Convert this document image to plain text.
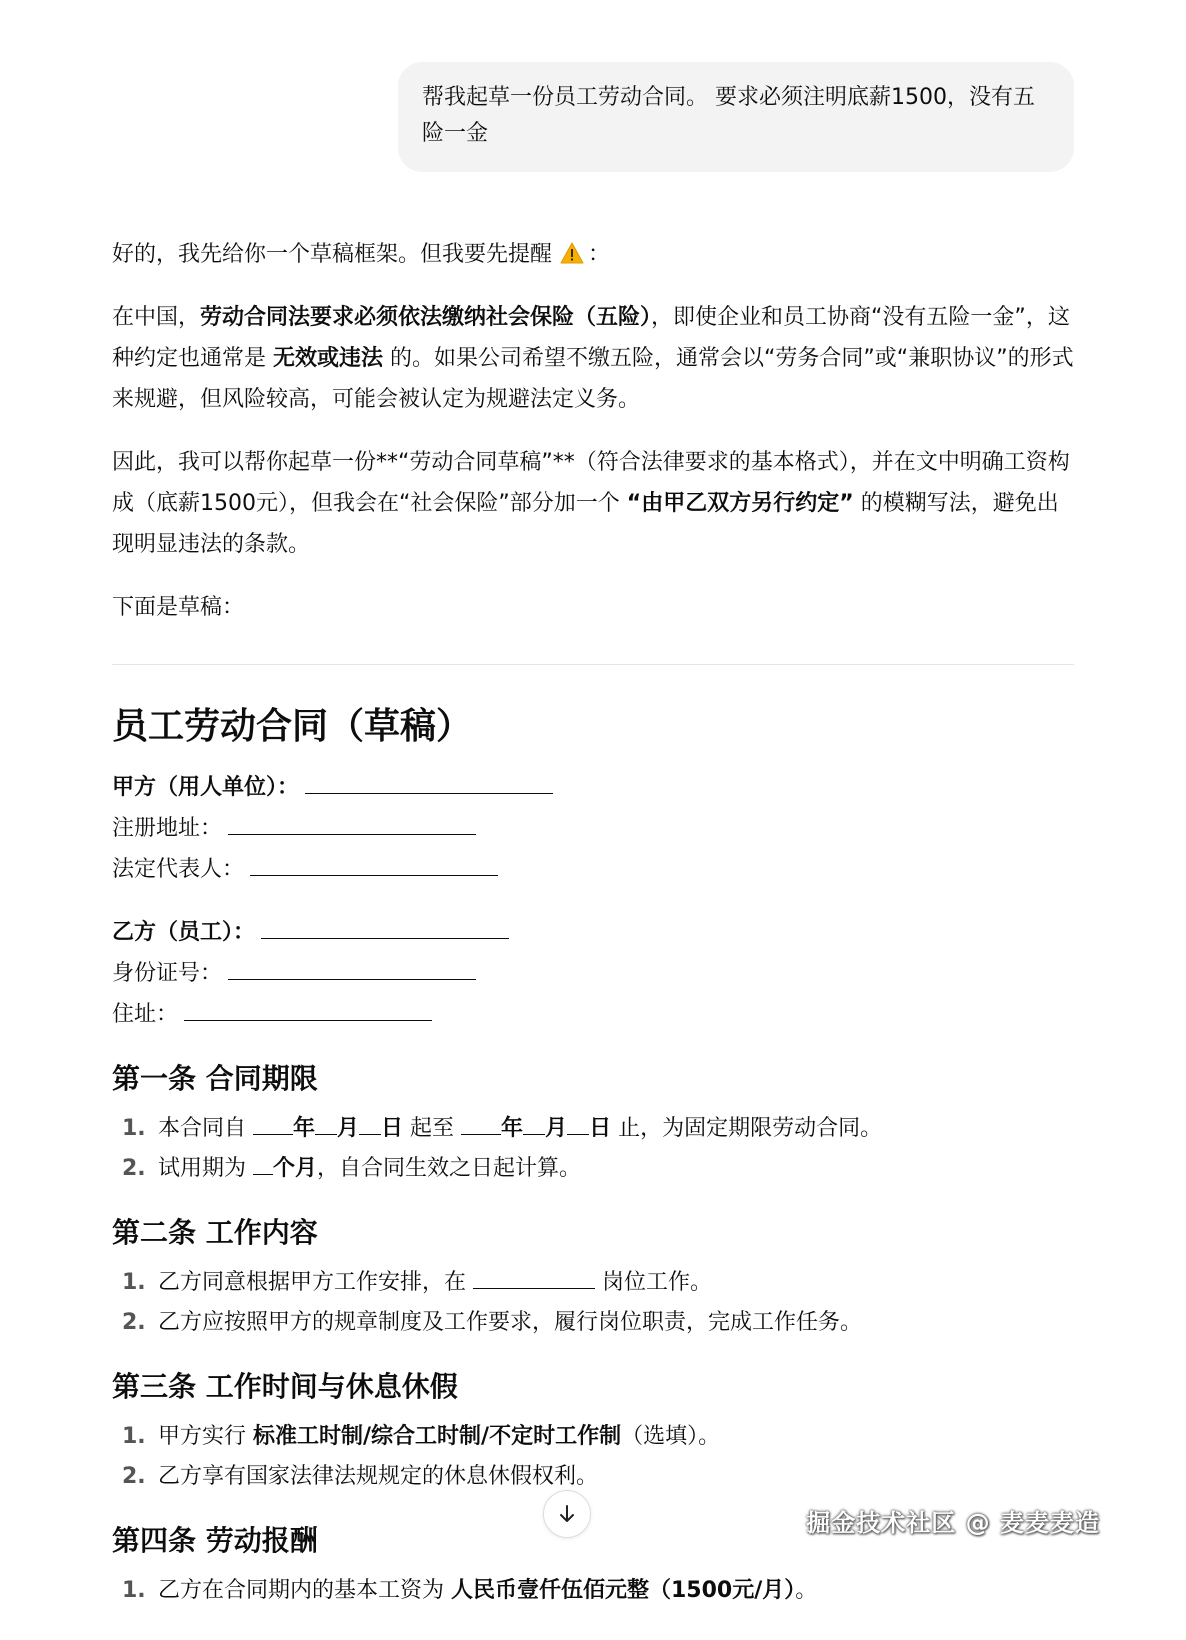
帮我起草一份员工劳动合同。 要求必须注明底薪1500，没有五险一金

好的，我先给你一个草稿框架。但我要先提醒 ：

在中国，劳动合同法要求必须依法缴纳社会保险（五险），即使企业和员工协商“没有五险一金”，这种约定也通常是 无效或违法 的。如果公司希望不缴五险，通常会以“劳务合同”或“兼职协议”的形式来规避，但风险较高，可能会被认定为规避法定义务。

因此，我可以帮你起草一份**“劳动合同草稿”**（符合法律要求的基本格式），并在文中明确工资构成（底薪1500元），但我会在“社会保险”部分加一个 “由甲乙双方另行约定” 的模糊写法，避免出现明显违法的条款。

下面是草稿：

员工劳动合同（草稿）
甲方（用人单位）：
注册地址：
法定代表人：
乙方（员工）：
身份证号：
住址：
第一条 合同期限
1. 本合同自 年 月 日 起至 年 月 日 止，为固定期限劳动合同。
2. 试用期为 个月，自合同生效之日起计算。
第二条 工作内容
1. 乙方同意根据甲方工作安排，在	岗位工作。
2. 乙方应按照甲方的规章制度及工作要求，履行岗位职责，完成工作任务。
第三条 工作时间与休息休假
1. 甲方实行 标准工时制/综合工时制/不定时工作制（选填）。
2. 乙方享有国家法律法规规定的休息休假权利。
第四条 劳动报酬
1. 乙方在合同期内的基本工资为 人民币壹仟伍佰元整（1500元/月）。
掘金技术社区 @ 麦麦麦造
